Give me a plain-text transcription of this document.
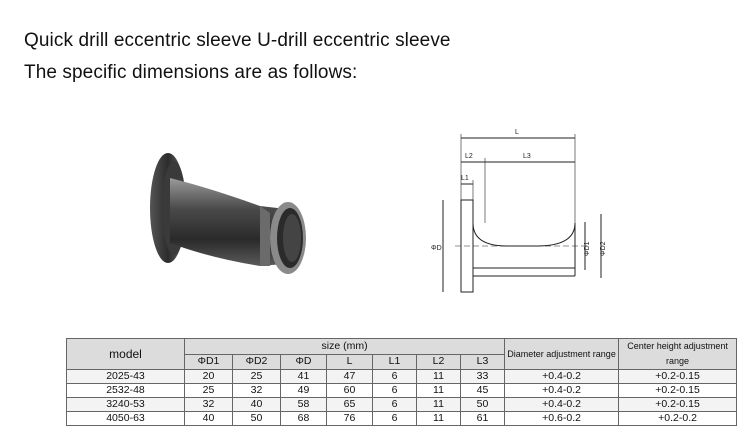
Quick drill eccentric sleeve U-drill eccentric sleeve
The specific dimensions are as follows:
L
L2	L3
L1
ΦD	ΦD1 ΦD2
model	size (mm)							Diameter adjustment range	Center height adjustment range
	ΦD1	ΦD2	ΦD	L	L1	L2	L3		
2025-43	20	25	41	47	6	11	33	+0.4-0.2	+0.2-0.15
2532-48	25	32	49	60	6	11	45	+0.4-0.2	+0.2-0.15
3240-53	32	40	58	65	6	11	50	+0.4-0.2	+0.2-0.15
4050-63	40	50	68	76	6	11	61	+0.6-0.2	+0.2-0.2
